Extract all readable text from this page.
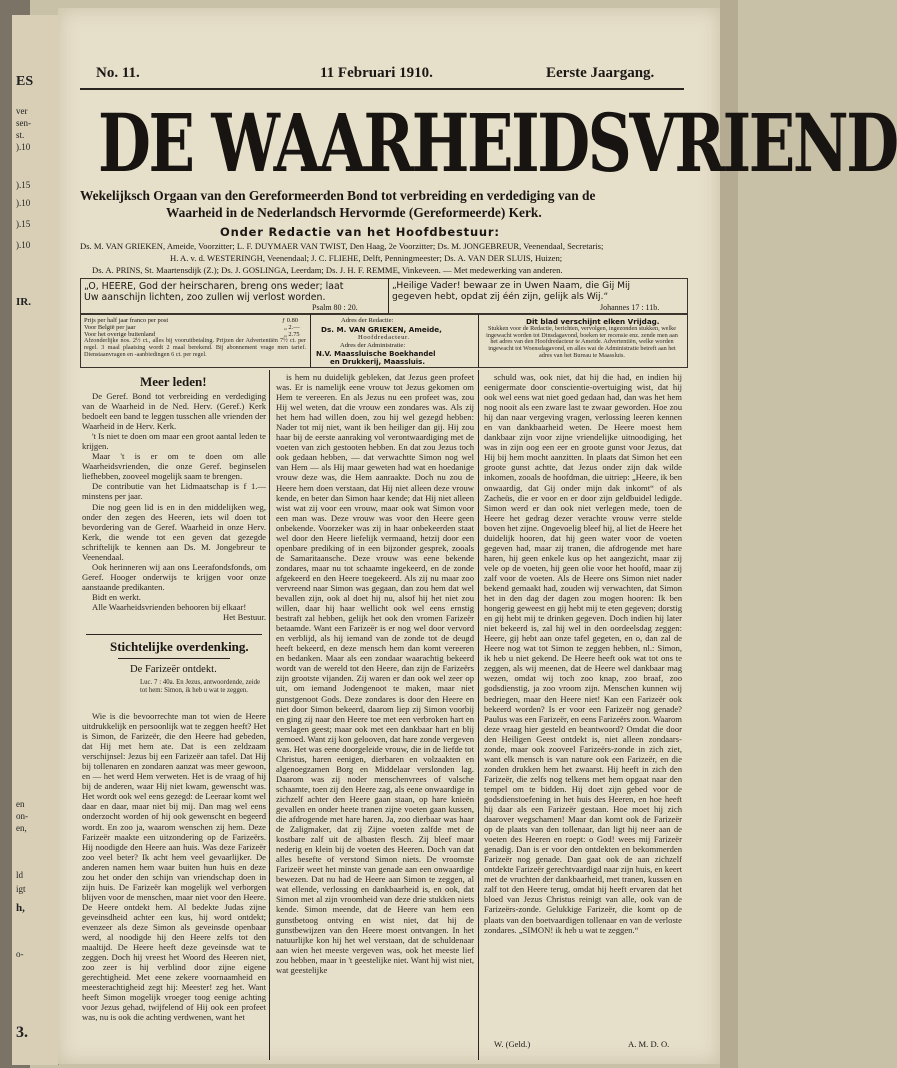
ES
ver
sen-
st.
).10
).15
).10
).15
).10
IR.
en
on-
en,
igt
ld
h,
o-
3.
No. 11.	11 Februari 1910.	Eerste Jaargang.
DE WAARHEIDSVRIEND
Wekelijksch Orgaan van den Gereformeerden Bond tot verbreiding en verdediging van de
Waarheid in de Nederlandsch Hervormde (Gereformeerde) Kerk.
Onder Redactie van het Hoofdbestuur:
Ds. M. VAN GRIEKEN, Ameide, Voorzitter; L. F. DUYMAER VAN TWIST, Den Haag, 2e Voorzitter; Ds. M. JONGEBREUR, Veenendaal, Secretaris;
H. A. v. d. WESTERINGH, Veenendaal; J. C. FLIEHE, Delft, Penningmeester; Ds. A. VAN DER SLUIS, Huizen;
Ds. A. PRINS, St. Maartensdijk (Z.); Ds. J. GOSLINGA, Leerdam; Ds. J. H. F. REMME, Vinkeveen. — Met medewerking van anderen.
„O, HEERE, God der heirscharen, breng ons weder; laat
Uw aanschijn lichten, zoo zullen wij verlost worden.
Psalm 80 : 20.
„Heilige Vader! bewaar ze in Uwen Naam, die Gij Mij
gegeven hebt, opdat zij één zijn, gelijk als Wij.“
Johannes 17 : 11b.
Prijs per half jaar franco per post	ƒ 0.80
Voor België per jaar	„ 2.—
Voor het overige buitenland	„ 2.75

Afzonderlijke nos. 2½ ct., alles bij vooruitbetaling. Prijzen der Advertentiën 7½ ct. per regel. 3 maal plaatsing wordt 2 maal berekend. Bij abonnement vrage men tarief. Dienstaanvragen en -aanbiedingen 6 ct. per regel.

Adres der Redactie:
Ds. M. VAN GRIEKEN, Ameide,
Hoofdredacteur.
Adres der Administratie:
N.V. Maassluische Boekhandel
en Drukkerij, Maassluis.
Dit blad verschijnt elken Vrijdag.

Stukken voor de Redactie, berichten, vervolgen, ingezonden stukken, welke ingewacht worden tot Dinsdagavond, boeken ter recensie enz. zende men aan het adres van den Hoofdredacteur te Ameide. Advertentiën, welke worden ingewacht tot Woensdagavond, en alles wat de Administratie betreft aan het adres van het Bureau te Maassluis.

Meer leden!

De Geref. Bond tot verbreiding en verdediging van de Waarheid in de Ned. Herv. (Geref.) Kerk bedoelt een band te leggen tusschen alle vrienden der Waarheid in de Herv. Kerk.

't Is niet te doen om maar een groot aantal leden te krijgen.

Maar 't is er om te doen om alle Waarheidsvrienden, die onze Geref. beginselen liefhebben, zooveel mogelijk saam te brengen.

De contributie van het Lidmaatschap is f 1.— minstens per jaar.

Die nog geen lid is en in den middelijken weg, onder den zegen des Heeren, iets wil doen tot bevordering van de Geref. Waarheid in onze Herv. Kerk, die wende tot een geven dat gezegde schriftelijk te kennen aan Ds. M. Jongebreur te Veenendaal.

Ook herinneren wij aan ons Leerafondsfonds, om Geref. Hooger onderwijs te krijgen voor onze aanstaande predikanten.

Bidt en werkt.

Alle Waarheidsvrienden behooren bij elkaar!

Het Bestuur.

Stichtelijke overdenking.
De Farizeër ontdekt.

Luc. 7 : 40a. En Jezus, antwoordende, zeide tot hem: Simon, ik heb u wat te zeggen.

Wie is die bevoorrechte man tot wien de Heere uitdrukkelijk en persoonlijk wat te zeggen heeft? Het is Simon, de Farizeër, die den Heere had gebeden, dat Hij met hem ate. Dat is een zeldzaam verschijnsel: Jezus bij een Farizeër aan tafel. Dat Hij bij tollenaren en zondaren aanzat was meer gewoon, en — het werd Hem verweten. Het is de vraag of hij bij de anderen, waar Hij niet kwam, gewenscht was. Het wordt ook wel eens gezegd: de Leeraar komt wel daar en daar, maar niet bij mij. Dan mag wel eens onderzocht worden of hij ook gewenscht en begeerd wordt. En zoo ja, waarom wenschen zij hem. Deze Farizeër maakte een uitzondering op de Farizeërs. Hij noodigde den Heere aan huis. Was deze Farizeër zoo veel beter? Ik acht hem veel gevaarlijker. De anderen namen hem waar buiten hun huis en deze zou het onder den schijn van vriendschap doen in zijn huis. De Farizeër kan mogelijk wel verborgen blijven voor de menschen, maar niet voor den Heere. De Heere ontdekt hem. Al bedekte Judas zijne geveinsdheid achter een kus, hij word ontdekt; evenzeer als deze Simon als geveinsde openbaar werd, al noodigde hij den Heere zelfs tot den maaltijd. De Heere heeft deze geveinsde wat te zeggen. Doch hij vreest het Woord des Heeren niet, zoo zeer is hij verblind door zijne eigene gerechtigheid. Met eene zekere voornaamheid en meesterachtigheid zegt hij: Meester! zeg het. Want heeft Simon mogelijk vroeger toog eenige achting voor Jezus gehad, twijfelend of Hij ook een profeet was, nu is ook die achting verdwenen, want het

is hem nu duidelijk gebleken, dat Jezus geen profeet was. Er is namelijk eene vrouw tot Jezus gekomen om Hem te vereeren. En als Jezus nu een profeet was, zou Hij wel weten, dat die vrouw een zondares was. Als zij het hem had willen doen, zou hij wel gezegd hebben: Nader tot mij niet, want ik ben heiliger dan gij. Hij zou haar bij de eerste aanraking vol verontwaardiging met de voeten van zich gestooten hebben. En dat zou Jezus toch ook gedaan hebben, — dat verwachtte Simon nog wel van Hem — als Hij maar geweten had wat en hoedanige vrouw deze was, die Hem aanraakte. Doch nu zou de Heere hem doen verstaan, dat Hij niet alleen deze vrouw kende, en beter dan Simon haar kende; dat Hij niet alleen wist wat zij voor een vrouw, maar ook wat Simon voor een man was. Deze vrouw was voor den Heere geen onbekende. Voorzeker was zij in haar onbekeerden staat wel door den Heere liefelijk vermaand, hetzij door een openbare prediking of in een bijzonder gesprek, zooals de Samaritaansche. Deze vrouw was eene bekende zondares, maar nu tot schaamte ingekeerd, en de zonde afgekeerd en den Heere toegekeerd. Als zij nu maar zoo vervreend naar Simon was gegaan, dan zou hem dat wel bevallen zijn, ook al doet hij nu, alsof hij het niet zou willen, daar hij haar wellicht ook wel eens ernstig bestraft zal hebben, gelijk het ook den vromen Farizeër betaamde. Want een Farizeër is er nog wel door vervord en verblijd, als hij iemand van de zonde tot de deugd heeft bekeerd, en deze mensch hem dan komt vereeren en bedanken. Maar als een zondaar waarachtig bekeerd wordt van de wereld tot den Heere, dan zijn de Farizeërs zijn grootste vijanden. Zij waren er dan ook wel zeer op uit, om iemand Jodengenoot te maken, maar niet gunstgenoot Gods. Deze zondares is door den Heere en niet door Simon bekeerd, daarom liep zij Simon voorbij en ging zij naar den Heere toe met een verbroken hart en verslagen geest; maar ook met een dankbaar hart en blij gemoed. Want zij kon gelooven, dat hare zonde vergeven was. Het was eene doorgeleide vrouw, die in de liefde tot Christus, haren eenigen, dierbaren en volzaakten en algenoegzamen Borg en Middelaar verslonden lag. Daarom was zij noder menschenvrees of valsche schaamte, toen zij den Heere zag, als eene onwaardige in zichzelf achter den Heere gaan staan, op hare knieën gevallen en onder heete tranen zijne voeten gaan kussen, die afdrogende met hare haren. Ja, zoo dierbaar was haar de Zaligmaker, dat zij Zijne voeten zalfde met de kostbare zalf uit de albasten flesch. Zij bleef maar nederig en klein bij de voeten des Heeren. Doch van dat alles besefte of verstond Simon niets. De vroomste Farizeër weet het minste van genade aan een onwaardige bewezen. Dat nu had de Heere aan Simon te zeggen, al wat ellende, verlossing en dankbaarheid is, en ook, dat Simon met al zijn vroomheid van deze drie stukken niets kende. Simon meende, dat de Heere van hem een gunstbetoog ontving en wist niet, dat hij de gunstbewijzen van den Heere moest ontvangen. In het natuurlijke kon hij het wel verstaan, dat de schuldenaar aan wien het meeste vergeven was, ook het meeste lief zou hebben, maar in 't geestelijke niet. Want hij wist niet, wat geestelijke

schuld was, ook niet, dat hij die had, en indien hij eenigermate door conscientie-overtuiging wist, dat hij ook wel eens wat niet goed gedaan had, dan was het hem nog nooit als een zware last te zwaar geworden. Hoe zou hij dan naar vergeving vragen, verlossing leeren kennen en van dankbaarheid weten. De Heere moest hem dankbaar zijn voor zijne vriendelijke uitnoodiging, het was in zijn oog een eer en groote gunst voor Jezus, dat Hij bij hem mocht aanzitten. In plaats dat Simon het een groote gunst achtte, dat Jezus onder zijn dak wilde inkomen, zooals de hoofdman, die uitriep: „Heere, ik ben onwaardig, dat Gij onder mijn dak inkomt“ of als Zacheüs, die er voor en er door zijn geldbuidel ledigde. Simon werd er dan ook niet verlegen mede, toen de Heere het gedrag dezer verachte vrouw verre stelde boven het zijne. Ongevoelig bleef hij, al liet de Heere het duidelijk hooren, dat hij geen water voor de voeten gegeven had, maar zij tranen, die afdrogende met hare haren, hij geen enkele kus op het aangezicht, maar zij vele op de voeten, hij geen olie voor het hoofd, maar zij zalf voor de voeten. Als de Heere ons Simon niet nader bekend gemaakt had, zouden wij verwachten, dat Simon het in den dag der dagen zou mogen hooren: Ik ben hongerig geweest en gij hebt mij te eten gegeven; dorstig en gij hebt mij te drinken gegeven. Doch indien hij later niet bekeerd is, zal hij wel in den oordeelsdag zeggen: Heere, gij hebt aan onze tafel gegeten, en o, dan zal de Heere nog wat tot Simon te zeggen hebben, nl.: Simon, ik heb u niet gekend. De Heere heeft ook wat tot ons te zeggen, als wij meenen, dat de Heere wel dankbaar mag wezen, omdat wij toch zoo knap, zoo braaf, zoo godsdienstig, ja zoo vroom zijn. Menschen kunnen wij bedriegen, maar den Heere niet! Kan een Farizeër ook bekeerd worden? Is er voor een Farizeër nog genade? Paulus was een Farizeër, en eens Farizeërs zoon. Waarom deze vraag hier gesteld en beantwoord? Omdat die door den Heiligen Geest ontdekt is, niet alleen zondaars-zonde, maar ook zooveel Farizeërs-zonde in zich ziet, want elk mensch is van nature ook een Farizeër, en die zonden drukken hem het zwaarst. Hij heeft in zich den Farizeër, die zelfs nog telkens met hem opgaat naar den tempel om te bidden. Hij doet zijn gebed voor de godsdienstoefening in het huis des Heeren, en hoe heeft hij daar als een Farizeër gestaan. Hoe moet hij zich daarover wegschamen! Maar dan komt ook de Farizeër op de plaats van den tollenaar, dan ligt hij neer aan de voeten des Heeren en roept: o God! wees mij Farizeër genadig. Dan is er voor den ontdekten en bekommerden Farizeër nog genade. Dan gaat ook de aan zichzelf ontdekte Farizeër gerechtvaardigd naar zijn huis, en keert met de vruchten der dankbaarheid, met tranen, kussen en zalf tot den Heere terug, omdat hij heeft ervaren dat het bloed van Jezus Christus reinigt van alle, ook van de Farizeërs-zonde. Gelukkige Farizeër, die komt op de plaats van den boetvaardigen tollenaar en van de verloste zondares. „SIMON! ik heb u wat te zeggen.“

W. (Geld.)	A. M. D. O.
